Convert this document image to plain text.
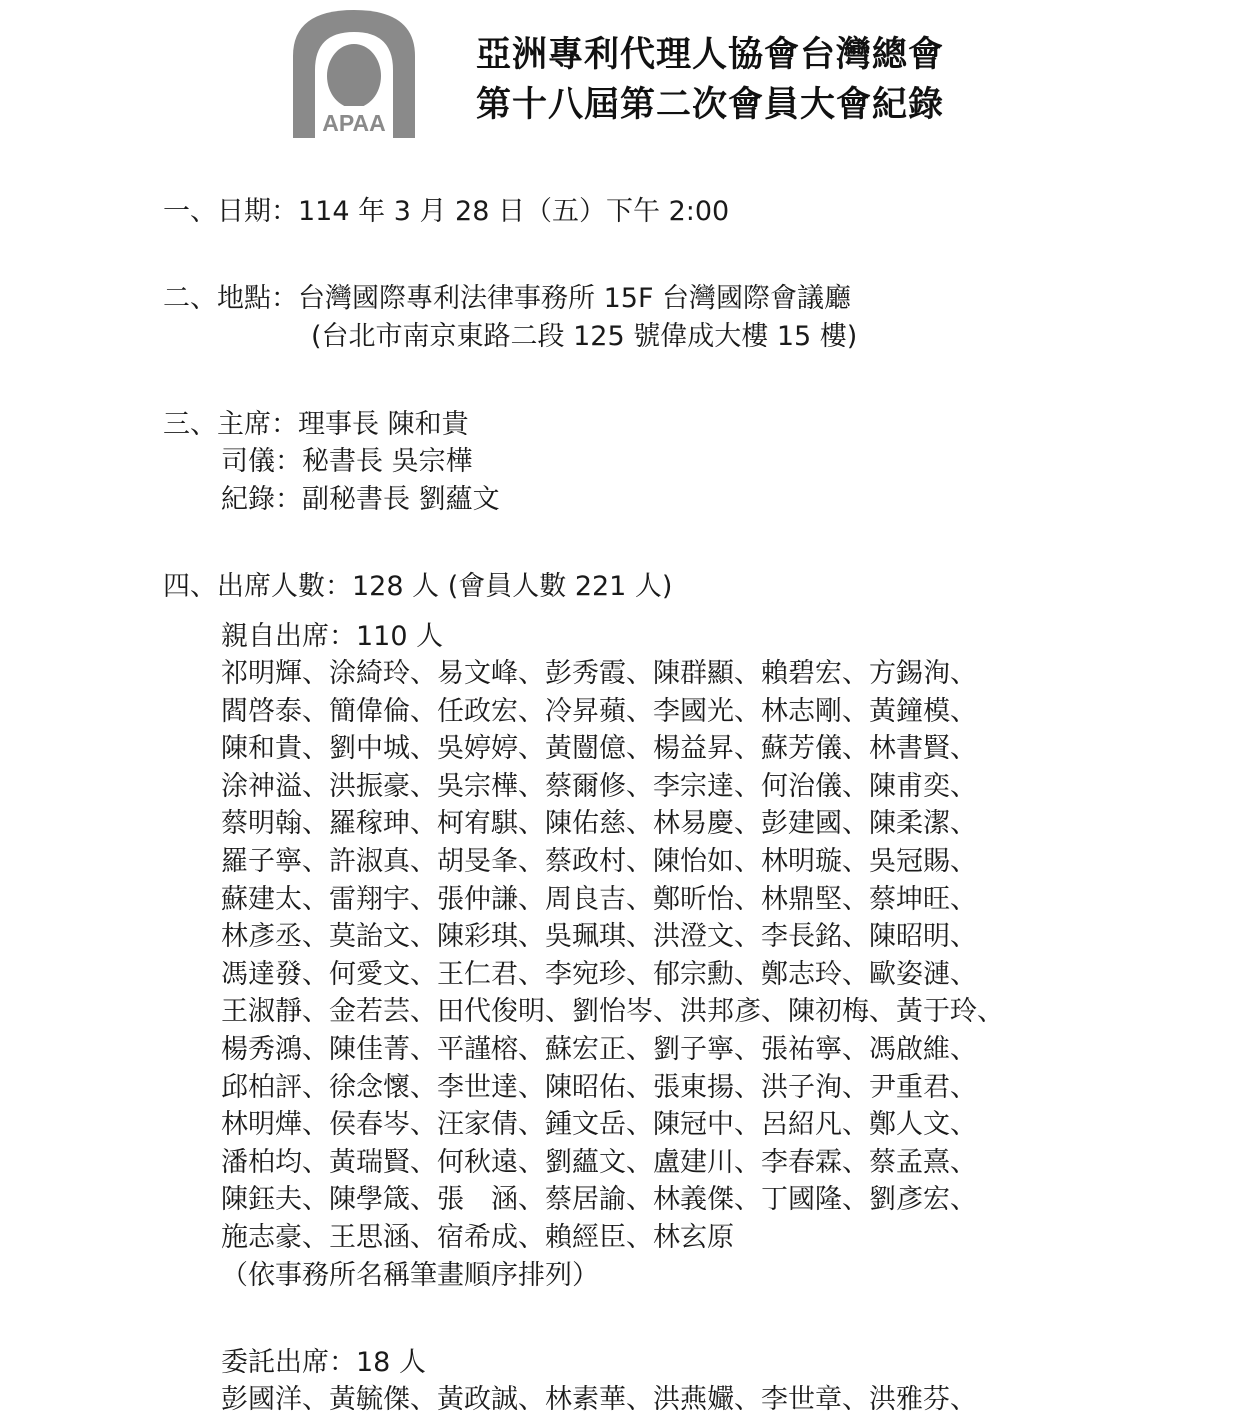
APAA
亞洲專利代理人協會台灣總會
第十八屆第二次會員大會紀錄
一、日期：114 年 3 月 28 日（五）下午 2:00
二、地點：台灣國際專利法律事務所 15F 台灣國際會議廳
(台北市南京東路二段 125 號偉成大樓 15 樓)
三、主席：理事長 陳和貴
司儀：秘書長 吳宗樺
紀錄：副秘書長 劉蘊文
四、出席人數：128 人 (會員人數 221 人)
親自出席：110 人
祁明輝、涂綺玲、易文峰、彭秀霞、陳群顯、賴碧宏、方錫洵、
閻啓泰、簡偉倫、任政宏、冷昇蘋、李國光、林志剛、黃鐘模、
陳和貴、劉中城、吳婷婷、黃闓億、楊益昇、蘇芳儀、林書賢、
涂神溢、洪振豪、吳宗樺、蔡爾修、李宗達、何治儀、陳甫奕、
蔡明翰、羅稼珅、柯宥騏、陳佑慈、林易慶、彭建國、陳柔潔、
羅子寧、許淑真、胡旻夆、蔡政村、陳怡如、林明璇、吳冠賜、
蘇建太、雷翔宇、張仲謙、周良吉、鄭昕怡、林鼎堅、蔡坤旺、
林彥丞、莫詒文、陳彩琪、吳珮琪、洪澄文、李長銘、陳昭明、
馮達發、何愛文、王仁君、李宛珍、郁宗勳、鄭志玲、歐姿漣、
王淑靜、金若芸、田代俊明、劉怡岑、洪邦彥、陳初梅、黃于玲、
楊秀鴻、陳佳菁、平謹榕、蘇宏正、劉子寧、張祐寧、馮啟維、
邱柏評、徐念懷、李世達、陳昭佑、張東揚、洪子洵、尹重君、
林明燁、侯春岑、汪家倩、鍾文岳、陳冠中、呂紹凡、鄭人文、
潘柏均、黃瑞賢、何秋遠、劉蘊文、盧建川、李春霖、蔡孟熹、
陳鈺夫、陳學箴、張　涵、蔡居諭、林義傑、丁國隆、劉彥宏、
施志豪、王思涵、宿希成、賴經臣、林玄原
（依事務所名稱筆畫順序排列）
委託出席：18 人
彭國洋、黃毓傑、黃政誠、林素華、洪燕孍、李世章、洪雅芬、
